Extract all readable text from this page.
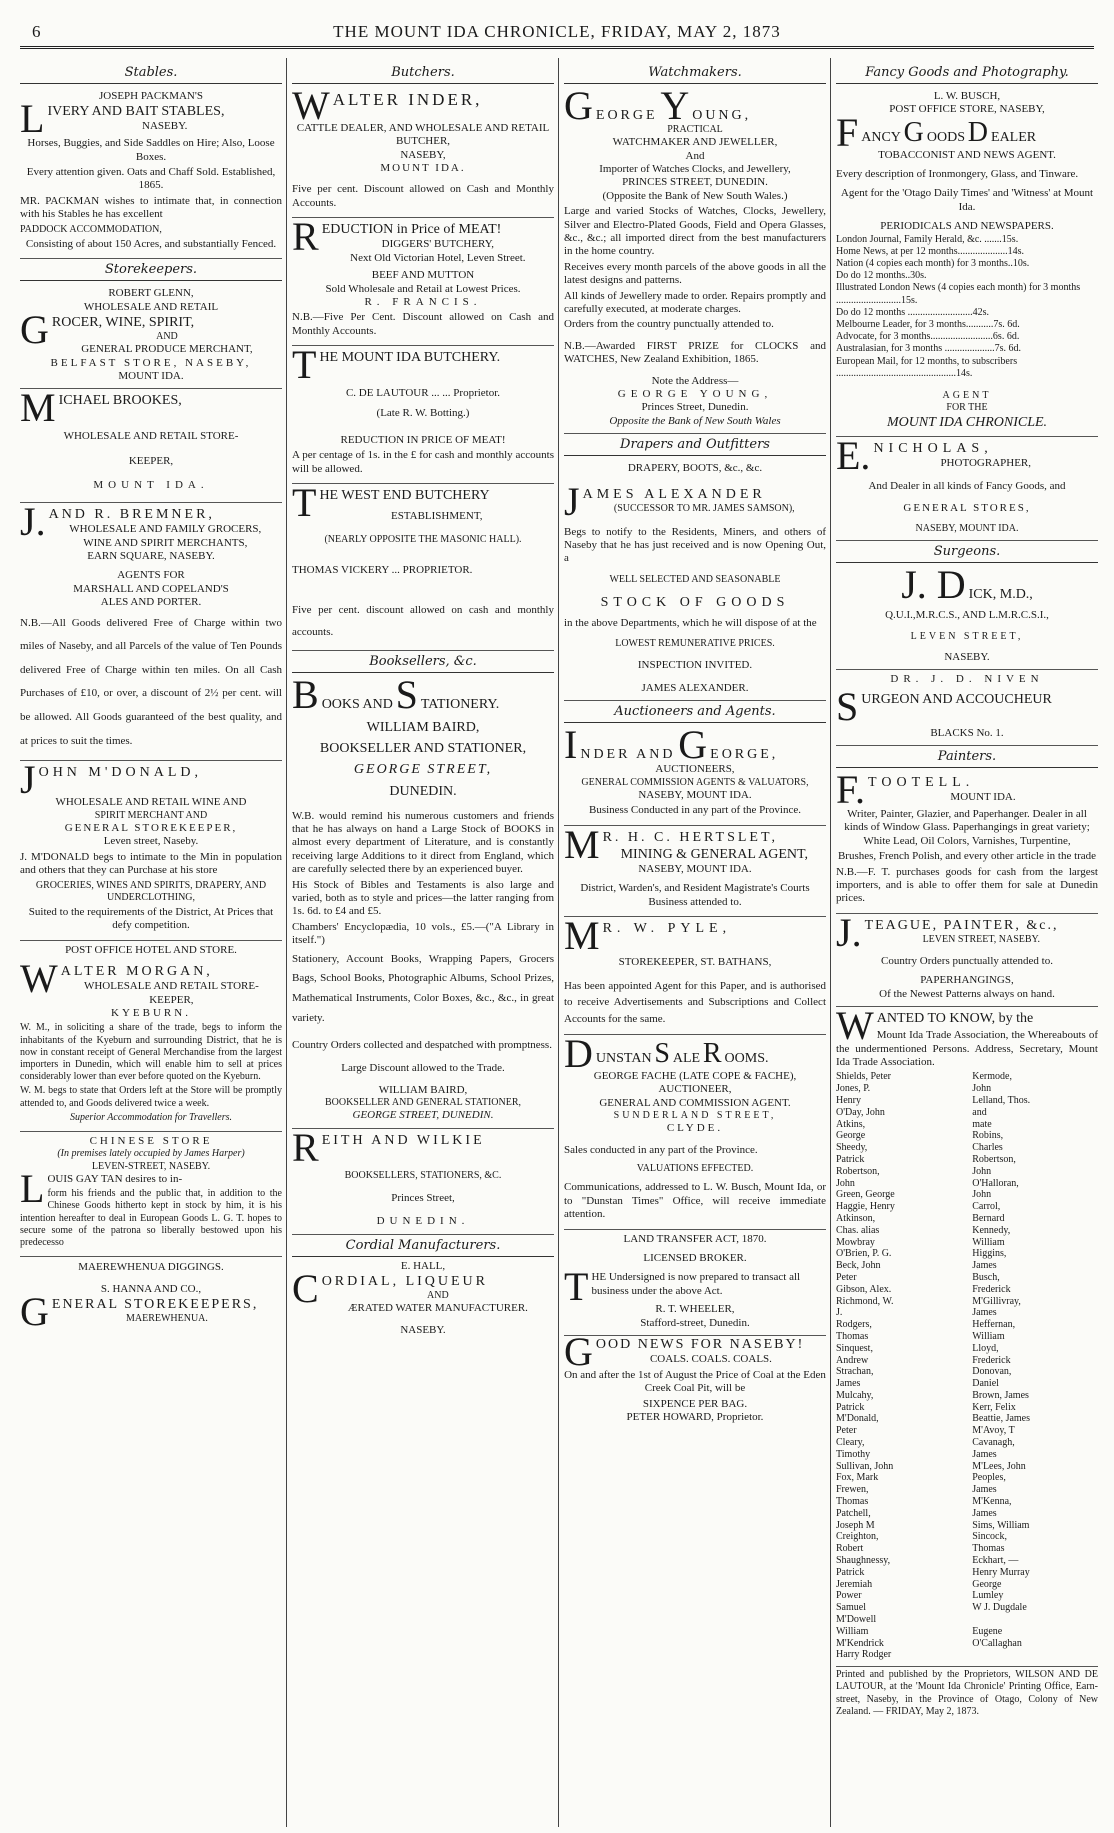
6	THE MOUNT IDA CHRONICLE, FRIDAY, MAY 2, 1873
Stables.
JOSEPH PACKMAN'S
LIVERY AND BAIT STABLES,
NASEBY.

Horses, Buggies, and Side Saddles on Hire; Also, Loose Boxes.

Every attention given. Oats and Chaff Sold. Established, 1865.

MR. PACKMAN wishes to intimate that, in connection with his Stables he has excellent

PADDOCK ACCOMMODATION,

Consisting of about 150 Acres, and substantially Fenced.

Storekeepers.
ROBERT GLENN,
WHOLESALE AND RETAIL
GROCER, WINE, SPIRIT,
AND
GENERAL PRODUCE MERCHANT,
BELFAST STORE, NASEBY,
MOUNT IDA.
MICHAEL BROOKES,
WHOLESALE AND RETAIL STORE-
KEEPER,
MOUNT IDA.
J. AND R. BREMNER,
WHOLESALE AND FAMILY GROCERS,
WINE AND SPIRIT MERCHANTS,
EARN SQUARE, NASEBY.
AGENTS FOR
MARSHALL AND COPELAND'S
ALES AND PORTER.

N.B.—All Goods delivered Free of Charge within two miles of Naseby, and all Parcels of the value of Ten Pounds delivered Free of Charge within ten miles. On all Cash Purchases of £10, or over, a discount of 2½ per cent. will be allowed. All Goods guaranteed of the best quality, and at prices to suit the times.

JOHN M'DONALD,
WHOLESALE AND RETAIL WINE AND
SPIRIT MERCHANT AND
GENERAL STOREKEEPER,
Leven street, Naseby.

J. M'DONALD begs to intimate to the Min in population and others that they can Purchase at his store

GROCERIES, WINES AND SPIRITS, DRAPERY, AND UNDERCLOTHING,

Suited to the requirements of the District, At Prices that defy competition.

POST OFFICE HOTEL AND STORE.
WALTER MORGAN,
WHOLESALE AND RETAIL STORE-
KEEPER,
KYEBURN.

W. M., in soliciting a share of the trade, begs to inform the inhabitants of the Kyeburn and surrounding District, that he is now in constant receipt of General Merchandise from the largest importers in Dunedin, which will enable him to sell at prices considerably lower than ever before quoted on the Kyeburn.

W. M. begs to state that Orders left at the Store will be promptly attended to, and Goods delivered twice a week.

Superior Accommodation for Travellers.

CHINESE STORE
(In premises lately occupied by James Harper)
LEVEN-STREET, NASEBY.
LOUIS GAY TAN desires to in-

form his friends and the public that, in addition to the Chinese Goods hitherto kept in stock by him, it is his intention hereafter to deal in European Goods L. G. T. hopes to secure some of the patrona so liberally bestowed upon his predecesso

MAEREWHENUA DIGGINGS.
S. HANNA AND CO.,
GENERAL STOREKEEPERS,
MAEREWHENUA.
Butchers.
WALTER INDER,
CATTLE DEALER, AND WHOLESALE AND RETAIL BUTCHER,
NASEBY,
MOUNT IDA.

Five per cent. Discount allowed on Cash and Monthly Accounts.

REDUCTION in Price of MEAT!
DIGGERS' BUTCHERY,
Next Old Victorian Hotel, Leven Street.
BEEF AND MUTTON
Sold Wholesale and Retail at Lowest Prices.
R. FRANCIS.

N.B.—Five Per Cent. Discount allowed on Cash and Monthly Accounts.

THE MOUNT IDA BUTCHERY.
C. DE LAUTOUR ... ... Proprietor.
(Late R. W. Botting.)
REDUCTION IN PRICE OF MEAT!

A per centage of 1s. in the £ for cash and monthly accounts will be allowed.

THE WEST END BUTCHERY
ESTABLISHMENT,
(NEARLY OPPOSITE THE MASONIC HALL).
THOMAS VICKERY ... PROPRIETOR.

Five per cent. discount allowed on cash and monthly accounts.

Booksellers, &c.
BOOKS AND S TATIONERY.
WILLIAM BAIRD,
BOOKSELLER AND STATIONER,
GEORGE STREET,
DUNEDIN.

W.B. would remind his numerous customers and friends that he has always on hand a Large Stock of BOOKS in almost every department of Literature, and is constantly receiving large Additions to it direct from England, which are carefully selected there by an experienced buyer.

His Stock of Bibles and Testaments is also large and varied, both as to style and prices—the latter ranging from 1s. 6d. to £4 and £5.

Chambers' Encyclopædia, 10 vols., £5.—("A Library in itself.")

Stationery, Account Books, Wrapping Papers, Grocers Bags, School Books, Photographic Albums, School Prizes, Mathematical Instruments, Color Boxes, &c., &c., in great variety.

Country Orders collected and despatched with promptness.

Large Discount allowed to the Trade.

WILLIAM BAIRD,
BOOKSELLER AND GENERAL STATIONER,
GEORGE STREET, DUNEDIN.
REITH AND WILKIE
BOOKSELLERS, STATIONERS, &C.
Princes Street,
DUNEDIN.
Cordial Manufacturers.
E. HALL,
CORDIAL, LIQUEUR
AND
ÆRATED WATER MANUFACTURER.
NASEBY.
Watchmakers.
GEORGE Y OUNG,
PRACTICAL
WATCHMAKER AND JEWELLER,
And
Importer of Watches Clocks, and Jewellery,
PRINCES STREET, DUNEDIN.
(Opposite the Bank of New South Wales.)

Large and varied Stocks of Watches, Clocks, Jewellery, Silver and Electro-Plated Goods, Field and Opera Glasses, &c., &c.; all imported direct from the best manufacturers in the home country.

Receives every month parcels of the above goods in all the latest designs and patterns.

All kinds of Jewellery made to order. Repairs promptly and carefully executed, at moderate charges.

Orders from the country punctually attended to.

N.B.—Awarded FIRST PRIZE for CLOCKS and WATCHES, New Zealand Exhibition, 1865.

Note the Address—
GEORGE YOUNG,
Princes Street, Dunedin.
Opposite the Bank of New South Wales
Drapers and Outfitters
DRAPERY, BOOTS, &c., &c.
JAMES ALEXANDER
(SUCCESSOR TO MR. JAMES SAMSON),

Begs to notify to the Residents, Miners, and others of Naseby that he has just received and is now Opening Out, a

WELL SELECTED AND SEASONABLE
STOCK OF GOODS

in the above Departments, which he will dispose of at the

LOWEST REMUNERATIVE PRICES.
INSPECTION INVITED.
JAMES ALEXANDER.
Auctioneers and Agents.
INDER AND G EORGE,
AUCTIONEERS,
GENERAL COMMISSION AGENTS & VALUATORS,
NASEBY, MOUNT IDA.

Business Conducted in any part of the Province.

M R. H. C. HERTSLET,
MINING & GENERAL AGENT,
NASEBY, MOUNT IDA.

District, Warden's, and Resident Magistrate's Courts Business attended to.

M R. W. PYLE,
STOREKEEPER, ST. BATHANS,

Has been appointed Agent for this Paper, and is authorised to receive Advertisements and Subscriptions and Collect Accounts for the same.

DUNSTAN S ALE R OOMS.
GEORGE FACHE (LATE COPE & FACHE),
AUCTIONEER,
GENERAL AND COMMISSION AGENT.
SUNDERLAND STREET,
CLYDE.

Sales conducted in any part of the Province.

VALUATIONS EFFECTED.

Communications, addressed to L. W. Busch, Mount Ida, or to "Dunstan Times" Office, will receive immediate attention.

LAND TRANSFER ACT, 1870.
LICENSED BROKER.
THE Undersigned is now prepared to transact all business under the above Act.
R. T. WHEELER,
Stafford-street, Dunedin.
GOOD NEWS FOR NASEBY!
COALS. COALS. COALS.

On and after the 1st of August the Price of Coal at the Eden Creek Coal Pit, will be

SIXPENCE PER BAG.
PETER HOWARD, Proprietor.
Fancy Goods and Photography.
L. W. BUSCH,
POST OFFICE STORE, NASEBY,
FANCY G OODS D EALER
TOBACCONIST AND NEWS AGENT.

Every description of Ironmongery, Glass, and Tinware.

Agent for the 'Otago Daily Times' and 'Witness' at Mount Ida.

PERIODICALS AND NEWSPAPERS.
London Journal, Family Herald, &c. .......15s.
Home News, at per 12 months....................14s.
Nation (4 copies each month) for 3 months..10s.
Do do 12 months..30s.
Illustrated London News (4 copies each month) for 3 months ..........................15s.
Do do 12 months ..........................42s.
Melbourne Leader, for 3 months...........7s. 6d.
Advocate, for 3 months.........................6s. 6d.
Australasian, for 3 months ....................7s. 6d.
European Mail, for 12 months, to subscribers ................................................14s.
AGENT
FOR THE
MOUNT IDA CHRONICLE.
E. NICHOLAS,
PHOTOGRAPHER,

And Dealer in all kinds of Fancy Goods, and

GENERAL STORES,
NASEBY, MOUNT IDA.
Surgeons.
J. D ICK, M.D.,
Q.U.I.,M.R.C.S., AND L.M.R.C.S.I.,
LEVEN STREET,
NASEBY.
DR. J. D. NIVEN
SURGEON AND ACCOUCHEUR
BLACKS No. 1.
Painters.
F. TOOTELL.
MOUNT IDA.

Writer, Painter, Glazier, and Paperhanger. Dealer in all kinds of Window Glass. Paperhangings in great variety; White Lead, Oil Colors, Varnishes, Turpentine,

Brushes, French Polish, and every other article in the trade

N.B.—F. T. purchases goods for cash from the largest importers, and is able to offer them for sale at Dunedin prices.

J. TEAGUE, PAINTER, &c.,
LEVEN STREET, NASEBY.

Country Orders punctually attended to.

PAPERHANGINGS,
Of the Newest Patterns always on hand.
WANTED TO KNOW, by the

Mount Ida Trade Association, the Whereabouts of the undermentioned Persons. Address, Secretary, Mount Ida Trade Association.

Shields, Peter
Jones, P. Henry
O'Day, John
Atkins, George
Sheedy, Patrick
Robertson, John
Green, George
Haggie, Henry
Atkinson, Chas. alias
Mowbray
O'Brien, P. G.
Beck, John Peter
Gibson, Alex.
Richmond, W. J.
Rodgers, Thomas
Sinquest, Andrew
Strachan, James
Mulcahy, Patrick
M'Donald, Peter
Cleary, Timothy
Sullivan, John
Fox, Mark
Frewen, Thomas
Patchell, Joseph M
Creighton, Robert
Shaughnessy, Patrick
Jeremiah Power
Samuel M'Dowell
William M'Kendrick
Harry Rodger
Kermode, John
Lelland, Thos. and
mate
Robins, Charles
Robertson, John
O'Halloran, John
Carrol, Bernard
Kennedy, William
Higgins, James
Busch, Frederick
M'Gillivray, James
Heffernan, William
Lloyd, Frederick
Donovan, Daniel
Brown, James
Kerr, Felix
Beattie, James
M'Avoy, T
Cavanagh, James
M'Lees, John
Peoples, James
M'Kenna, James
Sims, William
Sincock, Thomas
Eckhart, —
Henry Murray
George Lumley
W J. Dugdale

Eugene O'Callaghan

Printed and published by the Proprietors, WILSON AND DE LAUTOUR, at the 'Mount Ida Chronicle' Printing Office, Earn-street, Naseby, in the Province of Otago, Colony of New Zealand. — FRIDAY, May 2, 1873.
